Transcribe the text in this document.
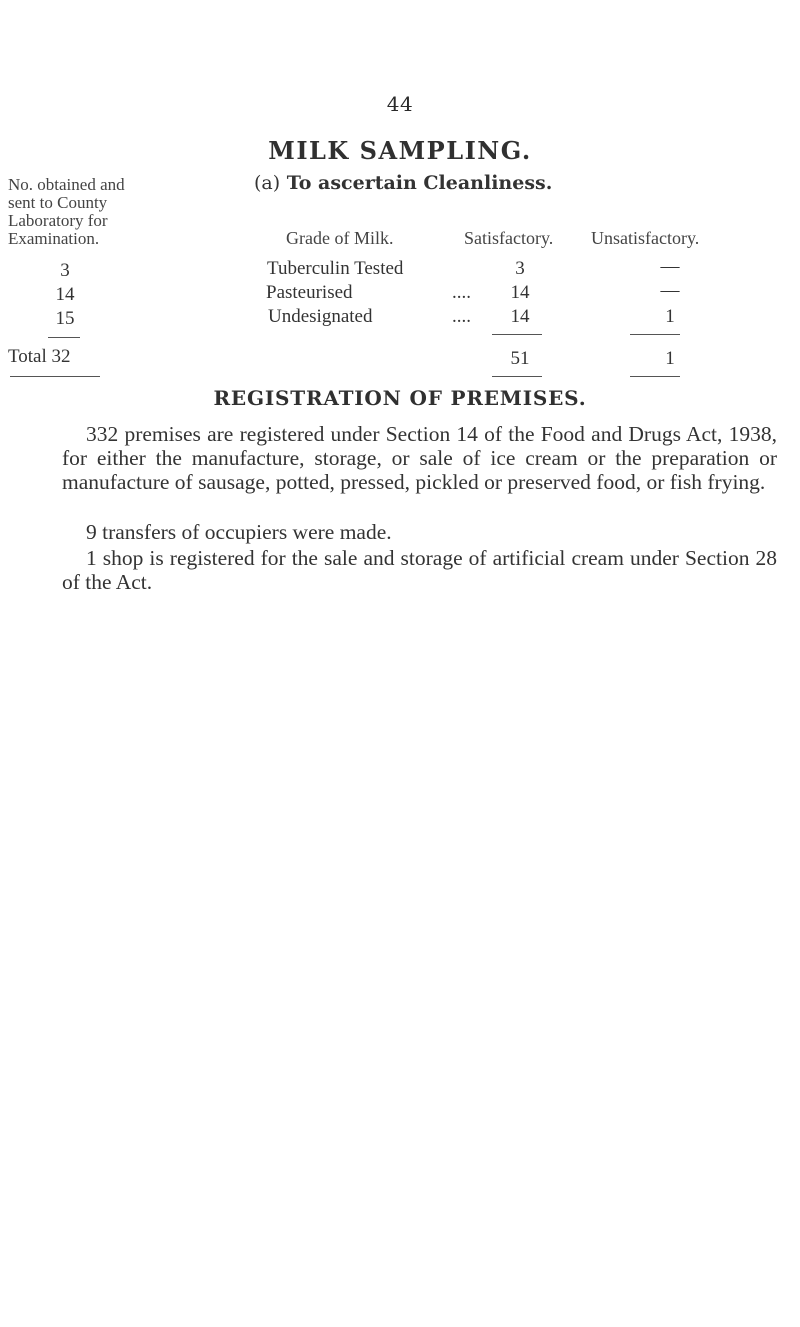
44
MILK SAMPLING.
No. obtained and
sent to County
Laboratory for
Examination.
(a) To ascertain Cleanliness.
Grade of Milk.	Satisfactory. Unsatisfactory.
3	Tuberculin Tested	3	—
14	Pasteurised	....	14	—
15	Undesignated	....	14	1
Total 32	51	1
REGISTRATION OF PREMISES.
332 premises are registered under Section 14 of the Food and Drugs Act, 1938, for either the manufacture, storage, or sale of ice cream or the preparation or manufacture of sausage, potted, pressed, pickled or preserved food, or fish frying.
9 transfers of occupiers were made.
1 shop is registered for the sale and storage of artificial cream under Section 28 of the Act.
